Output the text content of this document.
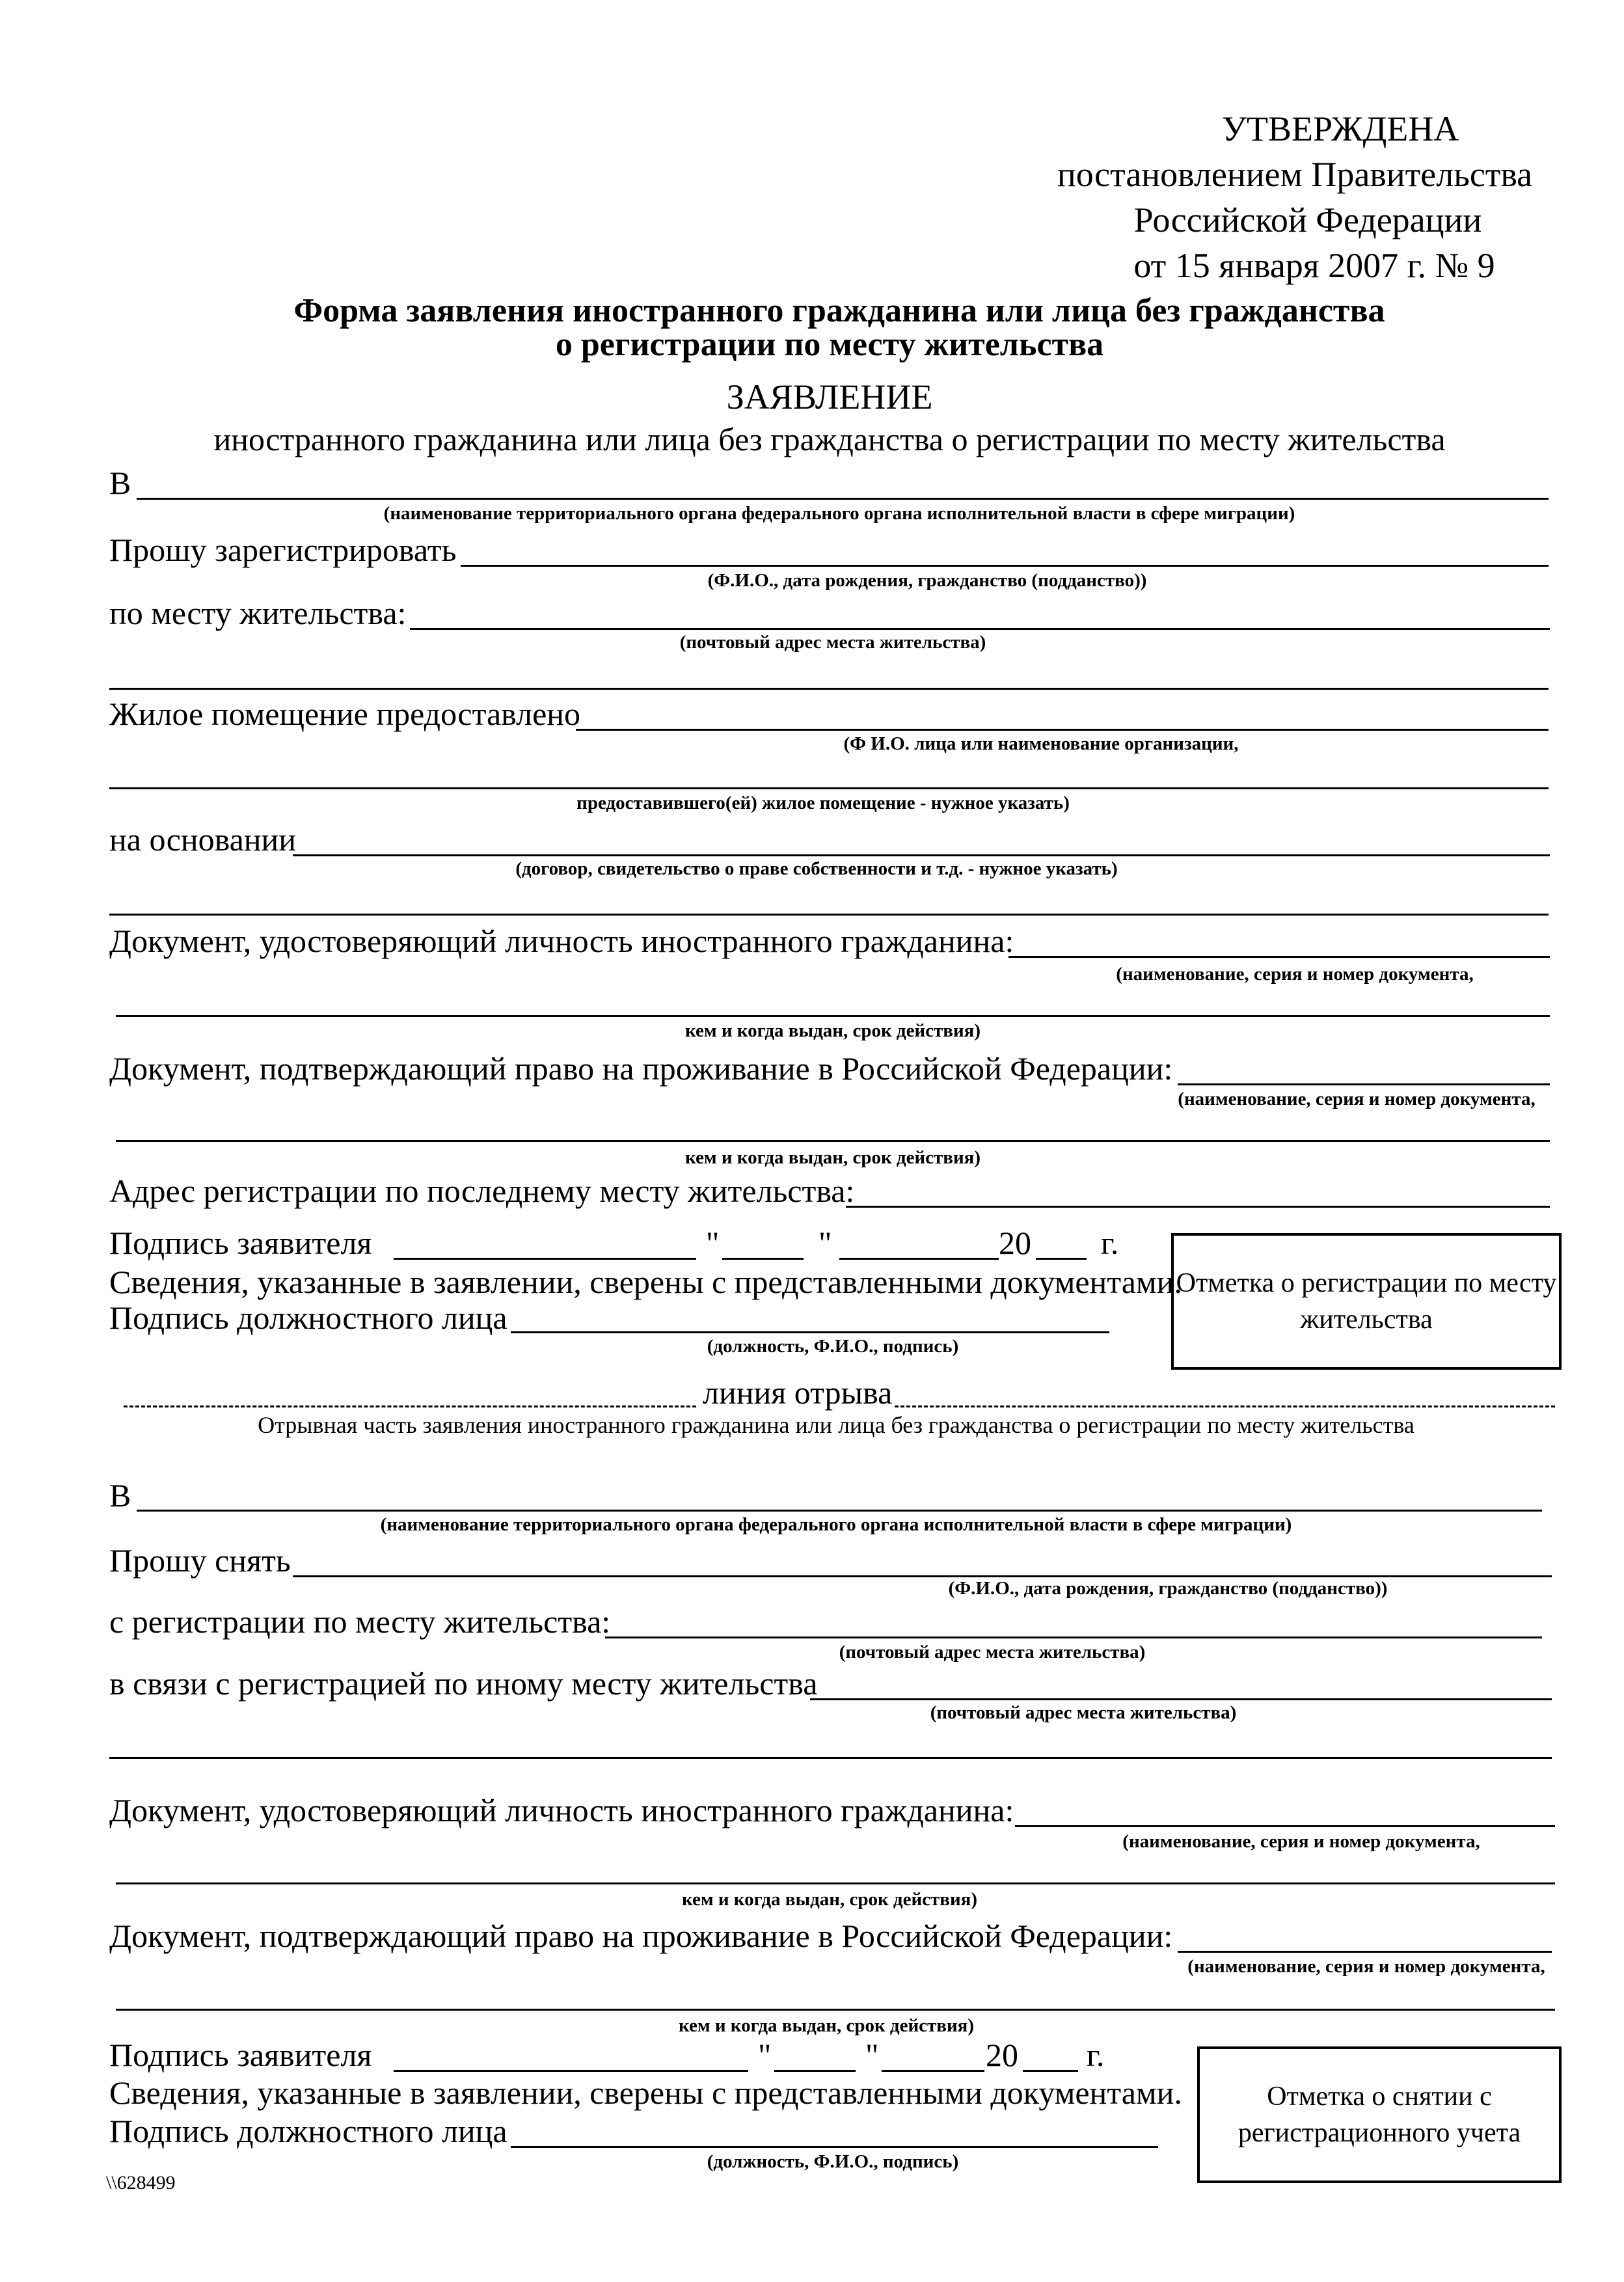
УТВЕРЖДЕНА
постановлением Правительства
Российской Федерации
от 15 января 2007 г. № 9
Форма заявления иностранного гражданина или лица без гражданства
о регистрации по месту жительства
ЗАЯВЛЕНИЕ
иностранного гражданина или лица без гражданства о регистрации по месту жительства
В
(наименование территориального органа федерального органа исполнительной власти в сфере миграции)
Прошу зарегистрировать
(Ф.И.О., дата рождения, гражданство (подданство))
по месту жительства:
(почтовый адрес места жительства)
Жилое помещение предоставлено
(Ф И.О. лица или наименование организации,
предоставившего(ей) жилое помещение - нужное указать)
на основании
(договор, свидетельство о праве собственности и т.д. - нужное указать)
Документ, удостоверяющий личность иностранного гражданина:
(наименование, серия и номер документа,
кем и когда выдан, срок действия)
Документ, подтверждающий право на проживание в Российской Федерации:
(наименование, серия и номер документа,
кем и когда выдан, срок действия)
Адрес регистрации по последнему месту жительства:
Подпись заявителя	"	"	20 г.
Сведения, указанные в заявлении, сверены с представленными документами.
Подпись должностного лица
(должность, Ф.И.О., подпись)
Отметка о регистрации по месту жительства
линия отрыва
Отрывная часть заявления иностранного гражданина или лица без гражданства о регистрации по месту жительства
В
(наименование территориального органа федерального органа исполнительной власти в сфере миграции)
Прошу снять
(Ф.И.О., дата рождения, гражданство (подданство))
с регистрации по месту жительства:
(почтовый адрес места жительства)
в связи с регистрацией по иному месту жительства
(почтовый адрес места жительства)
Документ, удостоверяющий личность иностранного гражданина:
(наименование, серия и номер документа,
кем и когда выдан, срок действия)
Документ, подтверждающий право на проживание в Российской Федерации:
(наименование, серия и номер документа,
кем и когда выдан, срок действия)
Подпись заявителя	"	"	20 г.
Сведения, указанные в заявлении, сверены с представленными документами.
Подпись должностного лица
(должность, Ф.И.О., подпись)
Отметка о снятии с регистрационного учета
\\628499
